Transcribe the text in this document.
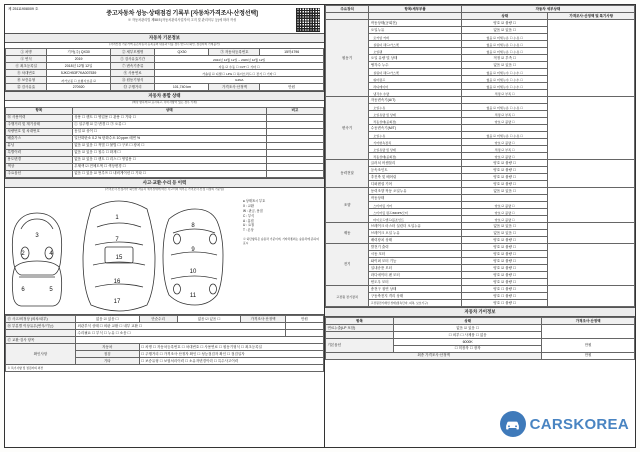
제 25111908009 호
중고자동차 성능·상태점검 기록부 [자동차가격조사·산정선택]
※ 자동차관리법 제58조(자동차관리사업자의 고지 및 관리의무 등)에 따라 작성
자동차 기본정보
(사격산정 기준가액 등은자동차 등록증의 내용과 다를 경우 반드시 확인, 점검자의 기재불가)
① 차명	기아(주) QX30	② 세부모델명	QX30	③ 자동차등록번호	15머4796
④ 연식	2019	⑤ 검사유효기간	2024년 12월 12일 ~ 2026년 12월 12일		
⑥ 최초등록일	2018년 12월 12일	⑦ 변속기종류	자동 ☑ 수동 ☐ CVT ☐ 기타 ☐		
⑧ 차대번호	5JKCH53F7KA007539	⑨ 사용연료	가솔린 ☑ 디젤 ☐ LPG ☐ 하이브리드 ☐ 전기 ☐ 기타 ☐		
⑩ 보증유형	자가보증 ☐ 보험사보증 ☑	⑪ 원동기형식	G4NA		
⑫ 검사유효	270920	⑬ 주행거리	101,740 km	가격조사·산정액	만원
자동차 종합 상태
(해당 항목에 ☑ 표시하고, 특이사항이 있는 경우 기재)
항목	상태	비고
⑭ 사용이력	상용 ☐ 렌트 ☐ 영업용 ☐ 관용 ☐ 기타 ☐	
주행거리 및 계기상태	① 실주행 ☑ ② 변경 ☐ ③ 오류 ☐	
차량번호 및 차대번호	동일 ☑ 상이 ☐	
배출가스	일산화탄소 0.2 % 탄화수소 10 ppm 매연 %	
튜닝	없음 ☑ 있음 ☐ 적법 ☐ 불법 ☐ 구조 ☐ 장치 ☐	
특별이력	없음 ☑ 있음 ☐ 침수 ☐ 화재 ☐	
용도변경	없음 ☑ 있음 ☐ 렌트 ☐ 리스 ☐ 영업용 ☐	
색상	무채색 ☑ 전체도색 ☐ 색상변경 ☐	
주요옵션	없음 ☐ 있음 ☑ 썬루프 ☐ 내비게이션 ☐ 기타 ☐	
사고·교환·수리 등 이력
(가격조사·산정자가 확인한 자동차 세부상태에 따른 사고이력 여부는 가격조사·산정 시점의 기준임)
3
2	4
6	5
1
7
15
16
17
8
9
10
11
● 상태표시 부호
X : 교환
W : 판금, 용접
C : 부식
A : 흠집
U : 요철
T : 손상
※ 하단항목은 승용차 기준이며, 기타차종의는 승용차에 준하여 표시
⑮ 사고/비정상 (외차/내부)	없음 ☑ 있음 ☐	단순수리	없음 ☑ 있음 ☐	가격조사·산정액	만원
⑯ 부분별 이상유무(연식/기능)	외관부식 상태 ☐ 외판 교환 ☐ 내부 교환 ☐				
	수리필요 ☐ 부식 ☐ 누유 ☐ 소음 ☐				
⑰ 교환·검사 항목					
확인사항	자동차	☐ 차명 ☐ 자동차등록번호 ☐ 차대번호 ☐ 사용연료 ☐ 원동기형식 ☐ 최초등록일			
	점검	☐ 주행거리 ☐ 가격조사·산정자 확인 ☐ 성능점검자 확인 ☐ 점검일자			
	기타	☐ 보증유형 ☐ 보험처리이력 ☐ 소유자변경이력 ☐ 특수사고이력			
※ 특기사항 및 점검자의 의견					
주요장치	항목/세부부품	자동차 세부상태	
		상태	가격조사·산정액 및 특기사항
원동기	작동상태(공회전)	양호 ☑ 불량 ☐	
	오일누유	없음 ☑ 있음 ☐	
	로커암 커버	없음 ☑ 미세누유 ☐ 누유 ☐	
	실린더 헤드/가스켓	없음 ☑ 미세누유 ☐ 누유 ☐	
	오일팬	없음 ☑ 미세누유 ☐ 누유 ☐	
	오일 유량 및 상태	적정 ☑ 부족 ☐	
	냉각수 누수	없음 ☑ 있음 ☐	
	실린더 헤드/가스켓	없음 ☑ 미세누수 ☐ 누수 ☐	
	워터펌프	없음 ☑ 미세누수 ☐ 누수 ☐	
	라디에이터	없음 ☑ 미세누수 ☐ 누수 ☐	
	냉각수 수량	적정 ☑ 부족 ☐	
변속기	자동변속기(A/T)		
	오일누유	없음 ☑ 미세누유 ☐ 누유 ☐	
	오일유량 및 상태	적정 ☑ 부족 ☐	
	작동상태(공회전)	양호 ☑ 불량 ☐	
	수동변속기(M/T)		
	오일누유	없음 ☑ 미세누유 ☐ 누유 ☐	
	기어변속장치	양호 ☑ 불량 ☐	
	오일유량 및 상태	적정 ☑ 부족 ☐	
	작동상태(공회전)	양호 ☑ 불량 ☐	
동력전달	클러치 어셈블리	양호 ☑ 불량 ☐	
	등속조인트	양호 ☑ 불량 ☐	
	추진축 및 베어링	양호 ☑ 불량 ☐	
	디퍼렌셜 기어	양호 ☑ 불량 ☐	
조향	동력조향 작동 오일누유	없음 ☑ 있음 ☐	
	작동상태		
	스티어링 기어	양호 ☑ 불량 ☐	
	스티어링 펌프/MDPS모터	양호 ☑ 불량 ☐	
	타이로드엔드/볼조인트	양호 ☑ 불량 ☐	
제동	브레이크 마스터 실린더 오일누유	없음 ☑ 있음 ☐	
	브레이크 오일 누유	없음 ☑ 있음 ☐	
	배력장치 상태	양호 ☑ 불량 ☐	
전기	발전기 출력	양호 ☑ 불량 ☐	
	시동 모터	양호 ☑ 불량 ☐	
	와이퍼 모터 기능	양호 ☑ 불량 ☐	
	실내송풍 모터	양호 ☑ 불량 ☐	
	라디에이터 팬 모터	양호 ☑ 불량 ☐	
	윈도우 모터	양호 ☑ 불량 ☐	
고전원 전기장치	충전구 절연 상태	양호 ☐ 불량 ☐	
	구동축전지 격리 상태	양호 ☐ 불량 ☐	
	고전원전기배선 상태(접속단자, 피복, 보호기구)	양호 ☐ 불량 ☐	
자동차 가이정보
항목	상태	가격조사·산정액
연료누출(LP 포함)	없음 ☑ 있음 ☐	
	☐ 외부 ☐ 사제품 ☐ 없음	
기본옵션	6000K	만원
	☐ 미장착 ☐ 장착	
최종 가격조사·산정액		만원
CARSKOREA
